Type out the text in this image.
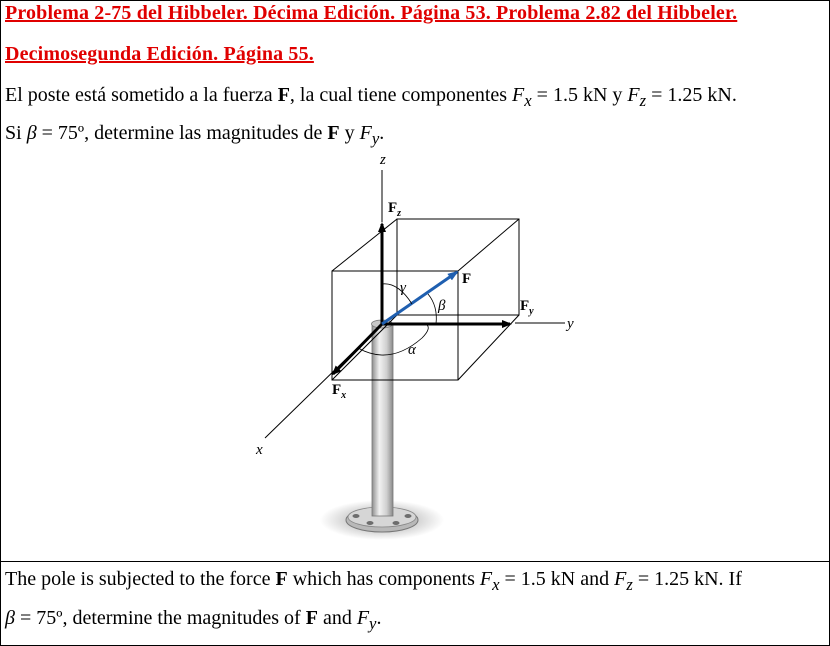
Problema 2-75 del Hibbeler. Décima Edición. Página 53. Problema 2.82 del Hibbeler.
Decimosegunda Edición. Página 55.
El poste está sometido a la fuerza F, la cual tiene componentes $F_x = 1.5$ kN y $F_z = 1.25$ kN.
Si β = 75º, determine las magnitudes de F y $F_y$.
z
y
x
$F_z$
F
$F_y$
$F_x$
γ
β
α
The pole is subjected to the force F which has components $F_x = 1.5$ kN and $F_z = 1.25$ kN. If
β = 75º, determine the magnitudes of F and $F_y$.
